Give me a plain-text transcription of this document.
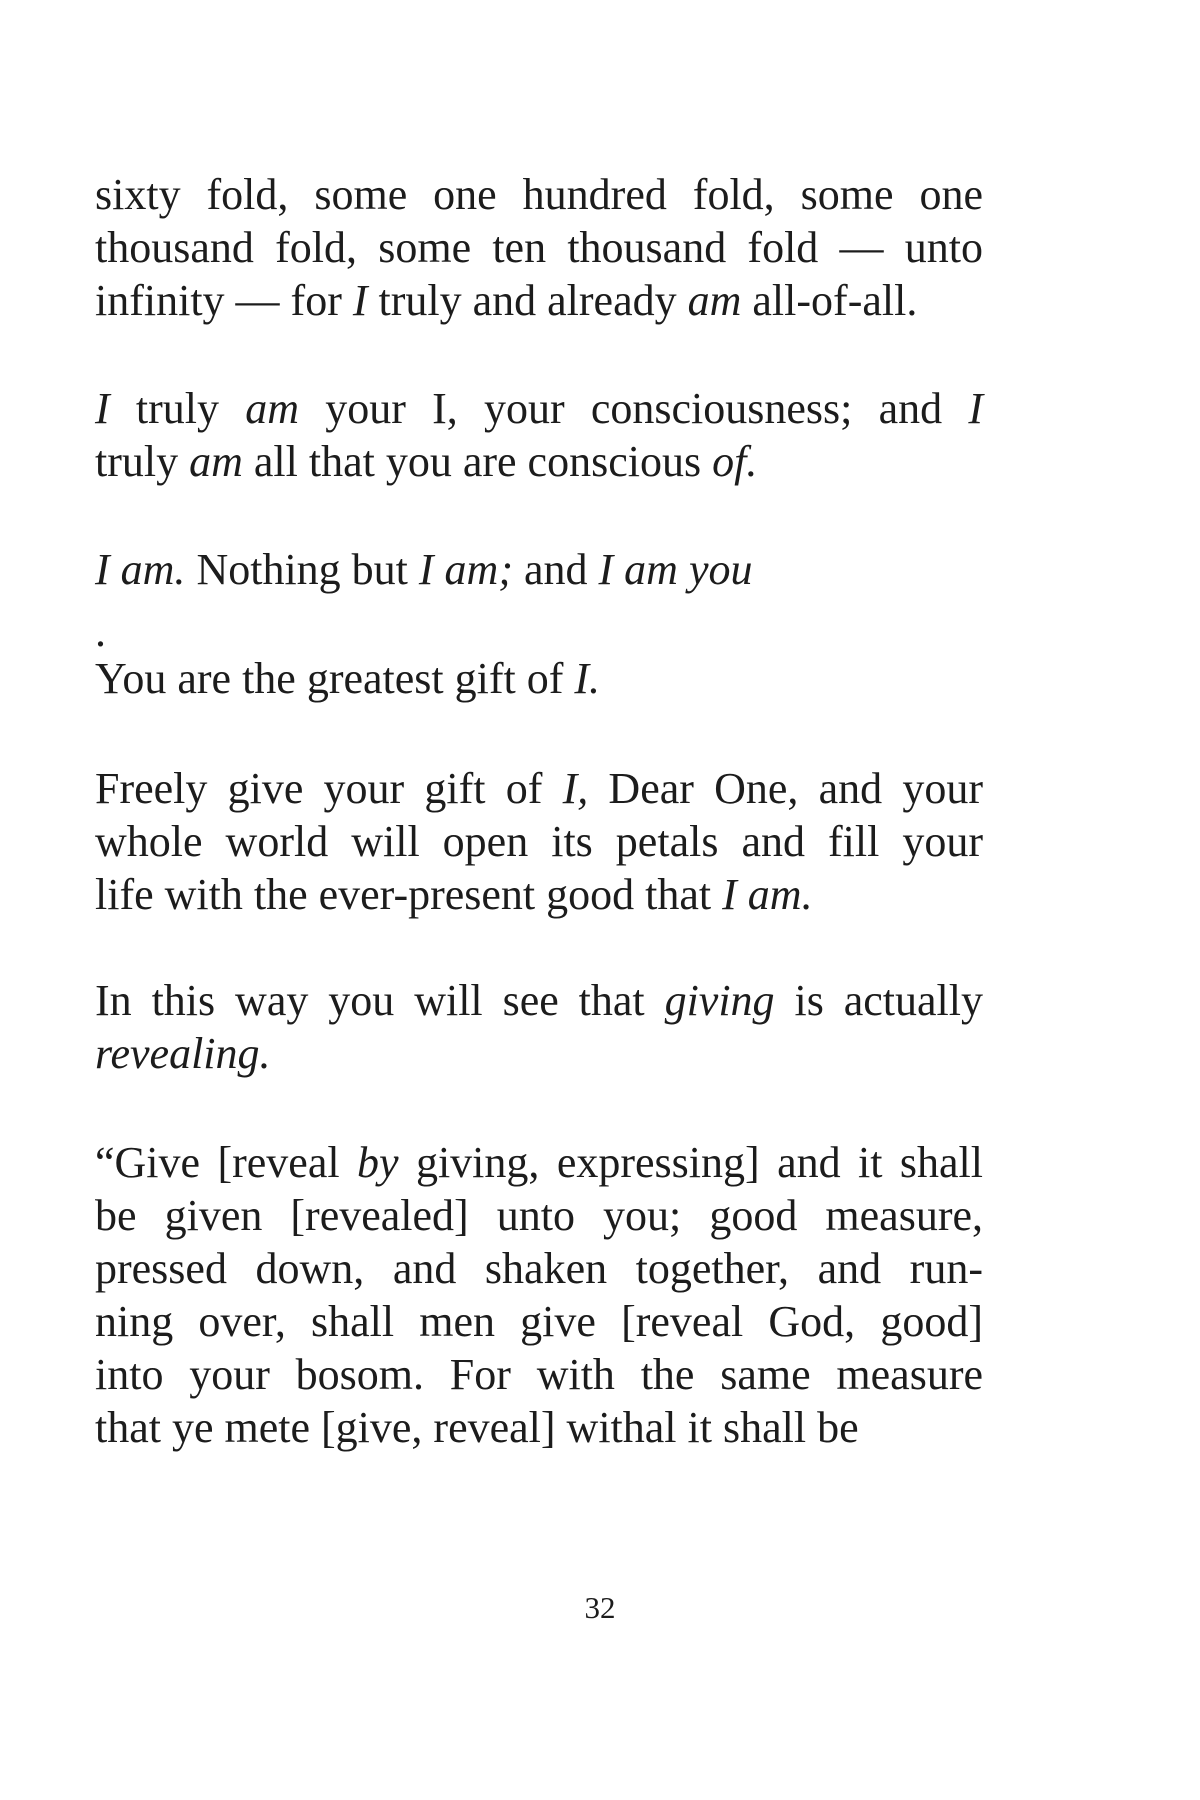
sixty fold, some one hundred fold, some one
thousand fold, some ten thousand fold — unto
infinity — for I truly and already am all-of-all.
I truly am your I, your consciousness; and I
truly am all that you are conscious of.
I am. Nothing but I am; and I am you
.
You are the greatest gift of I.
Freely give your gift of I, Dear One, and your
whole world will open its petals and fill your
life with the ever-present good that I am.
In this way you will see that giving is actually
revealing.
“Give [reveal by giving, expressing] and it shall
be given [revealed] unto you; good measure,
pressed down, and shaken together, and run-
ning over, shall men give [reveal God, good]
into your bosom. For with the same measure
that ye mete [give, reveal] withal it shall be
32
